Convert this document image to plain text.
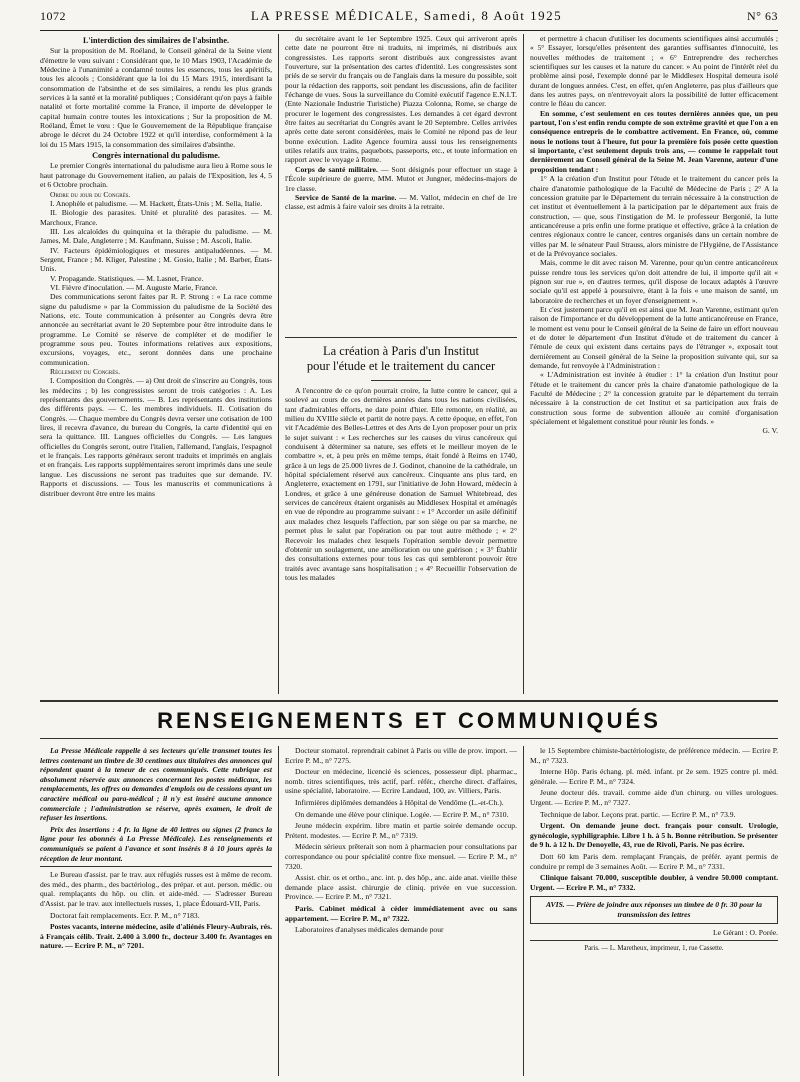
1072	LA PRESSE MÉDICALE, Samedi, 8 Août 1925	N° 63
L'interdiction des similaires de l'absinthe.

Sur la proposition de M. Roéland, le Conseil général de la Seine vient d'émettre le vœu suivant : Considérant que, le 10 Mars 1903, l'Académie de Médecine à l'unanimité a condamné toutes les essences, tous les apéritifs, tous les alcools ; Considérant que la loi du 15 Mars 1915, interdisant la consommation de l'absinthe et de ses similaires, a rendu les plus grands services à la santé et la moralité publiques ; Considérant qu'on pays à faible natalité et forte mortalité comme la France, il importe de développer le capital humain contre toutes les intoxications ; Sur la proposition de M. Roéland, Émet le vœu : Que le Gouvernement de la République française abroge le décret du 24 Octobre 1922 et qu'il interdise, conformément à la loi du 15 Mars 1915, la consommation des similaires d'absinthe.

Congrès international du paludisme.

Le premier Congrès international du paludisme aura lieu à Rome sous le haut patronage du Gouvernement italien, au palais de l'Exposition, les 4, 5 et 6 Octobre prochain.

Ordre du jour du Congrès.

I. Anophèle et paludisme. — M. Hackett, États-Unis ; M. Sella, Italie.

II. Biologie des parasites. Unité et pluralité des parasites. — M. Marchoux, France.

III. Les alcaloïdes du quinquina et la thérapie du paludisme. — M. James, M. Dale, Angleterre ; M. Kaufmann, Suisse ; M. Ascoli, Italie.

IV. Facteurs épidémiologiques et mesures antipaludéennes. — M. Sergent, France ; M. Kliger, Palestine ; M. Gosio, Italie ; M. Barber, États-Unis.

V. Propagande. Statistiques. — M. Lasnet, France.

VI. Fièvre d'inoculation. — M. Auguste Marie, France.

Des communications seront faites par R. P. Strong : « La race comme signe du paludisme » par la Commission du paludisme de la Société des Nations, etc. Toute communication à présenter au Congrès devra être annoncée au secrétariat avant le 20 Septembre pour être introduite dans le programme. Le Comité se réserve de compléter et de modifier le programme sous peu. Toutes informations relatives aux expositions, excursions, voyages, etc., seront données dans une prochaine communication.

Règlement du Congrès.

I. Composition du Congrès. — a) Ont droit de s'inscrire au Congrès, tous les médecins ; b) les congressistes seront de trois catégories : A. Les représentants des gouvernements. — B. Les représentants des institutions des différents pays. — C. les membres individuels. II. Cotisation du Congrès. — Chaque membre du Congrès devra verser une cotisation de 100 lires, il recevra d'avance, du bureau du Congrès, la carte d'identité qui en sera la quittance. III. Langues officielles du Congrès. — Les langues officielles du Congrès seront, outre l'italien, l'allemand, l'anglais, l'espagnol et le français. Les rapports généraux seront traduits et imprimés en anglais et en français. Les rapports supplémentaires seront imprimés dans une seule langue. Les discussions ne seront pas traduites que sur demande. IV. Rapports et discussions. — Tous les manuscrits et communications à distribuer devront être entre les mains

du secrétaire avant le 1er Septembre 1925. Ceux qui arriveront après cette date ne pourront être ni traduits, ni imprimés, ni distribués aux congressistes. Les rapports seront distribués aux congressistes avant l'ouverture, sur la présentation des cartes d'identité. Les congressistes sont priés de se servir du français ou de l'anglais dans la mesure du possible, soit pour la rédaction des rapports, soit pendant les discussions, afin de faciliter l'échange de vues. Sous la surveillance du Comité exécutif l'agence E.N.I.T. (Ente Nazionale Industrie Turistiche) Piazza Colonna, Rome, se charge de procurer le logement des congressistes. Les demandes à cet égard devront être faites au secrétariat du Congrès avant le 20 Septembre. Celles arrivées après cette date seront considérées, mais le Comité ne répond pas de leur bonne exécution. Ladite Agence fournira aussi tous les renseignements utiles relatifs aux trains, paquebots, passeports, etc., et toute information en rapport avec le voyage à Rome.

Corps de santé militaire. — Sont désignés pour effectuer un stage à l'École supérieure de guerre, MM. Mutot et Jungner, médecins-majors de 1re classe.

Service de Santé de la marine. — M. Vallot, médecin en chef de 1re classe, est admis à faire valoir ses droits à la retraite.

La création à Paris d'un Institut
pour l'étude et le traitement du cancer

A l'encontre de ce qu'on pourrait croire, la lutte contre le cancer, qui a soulevé au cours de ces dernières années dans tous les nations civilisées, tant d'admirables efforts, ne date point d'hier. Elle remonte, en réalité, au milieu du XVIIIe siècle et partit de notre pays. A cette époque, en effet, l'on vit l'Académie des Belles-Lettres et des Arts de Lyon proposer pour un prix le sujet suivant : « Les recherches sur les causes du virus cancéreux qui conduisent à déterminer sa nature, ses effets et le meilleur moyen de le combattre », et, à peu près en même temps, était fondé à Reims en 1740, grâce à un legs de 25.000 livres de J. Godinot, chanoine de la cathédrale, un hôpital spécialement réservé aux cancéreux. Cinquante ans plus tard, en Angleterre, exactement en 1791, sur l'initiative de John Howard, médecin à Londres, et grâce à une généreuse donation de Samuel Whitebread, des services de cancéreux étaient organisés au Middlesex Hospital et aménagés en vue de répondre au programme suivant : « 1° Accorder un asile définitif aux malades chez lesquels l'affection, par son siège ou par sa marche, ne permet plus le salut par l'opération ou par tout autre méthode ; « 2° Recevoir les malades chez lesquels l'opération semble devoir permettre d'obtenir un soulagement, une amélioration ou une guérison ; « 3° Établir des consultations externes pour tous les cas qui sembleront pouvoir être traités avec avantage sans hospitalisation ; « 4° Recueillir l'observation de tous les malades

et permettre à chacun d'utiliser les documents scientifiques ainsi accumulés ; « 5° Essayer, lorsqu'elles présentent des garanties suffisantes d'innocuité, les nouvelles méthodes de traitement ; « 6° Entreprendre des recherches scientifiques sur les causes et la nature du cancer. » Au point de l'intérêt réel du problème ainsi posé, l'exemple donné par le Middlesex Hospital demeura isolé durant de longues années. C'est, en effet, qu'en Angleterre, pas plus d'ailleurs que dans les autres pays, on n'entrevoyait alors la possibilité de lutter efficacement contre le fléau du cancer.

En somme, c'est seulement en ces toutes dernières années que, un peu partout, l'on s'est enfin rendu compte de son extrême gravité et que l'on a en conséquence entrepris de le combattre activement. En France, où, comme nous le notions tout à l'heure, fut pour la première fois posée cette question si importante, c'est seulement depuis trois ans, — comme le rappelait tout dernièrement au Conseil général de la Seine M. Jean Varenne, auteur d'une proposition tendant :

1° A la création d'un Institut pour l'étude et le traitement du cancer près la chaire d'anatomie pathologique de la Faculté de Médecine de Paris ; 2° A la concession gratuite par le Département du terrain nécessaire à la construction de cet institut et éventuellement à la participation par le département aux frais de construction, — que, sous l'instigation de M. le professeur Bergonié, la lutte anticancéreuse a pris enfin une forme pratique et effective, grâce à la création de centres régionaux contre le cancer, centres organisés dans un certain nombre de villes par M. le sénateur Paul Strauss, alors ministre de l'Hygiène, de l'Assistance et de la Prévoyance sociales.

Mais, comme le dit avec raison M. Varenne, pour qu'un centre anticancéreux puisse rendre tous les services qu'on doit attendre de lui, il importe qu'il ait « pignon sur rue », en d'autres termes, qu'il dispose de locaux adaptés à l'œuvre sociale qu'il est appelé à poursuivre, étant à la fois « une maison de santé, un laboratoire de recherches et un foyer d'enseignement ».

Et c'est justement parce qu'il en est ainsi que M. Jean Varenne, estimant qu'en raison de l'importance et du développement de la lutte anticancéreuse en France, le moment est venu pour le Conseil général de la Seine de faire un effort nouveau et de doter le département d'un Institut d'étude et de traitement du cancer à l'émule de ceux qui existent dans certains pays de l'étranger », exposait tout dernièrement au Conseil général de la Seine la proposition suivante qui, sur sa demande, fut renvoyée à l'Administration :

« L'Administration est invitée à étudier : 1° la création d'un Institut pour l'étude et le traitement du cancer près la chaire d'anatomie pathologique de la Faculté de Médecine ; 2° la concession gratuite par le département du terrain nécessaire à la construction de cet Institut et sa participation aux frais de construction sous forme de subvention allouée au comité d'organisation spécialement et légalement constitué pour réunir les fonds. »

G. V.

RENSEIGNEMENTS ET COMMUNIQUÉS

La Presse Médicale rappelle à ses lecteurs qu'elle transmet toutes les lettres contenant un timbre de 30 centimes aux titulaires des annonces qui répondent quant à la teneur de ces communiqués. Cette rubrique est absolument réservée aux annonces concernant les postes médicaux, les remplacements, les offres ou demandes d'emplois ou de cessions ayant un caractère médical ou para-médical ; il n'y est inséré aucune annonce commerciale ; l'administration se réserve, après examen, le droit de refuser les insertions.

Prix des insertions : 4 fr. la ligne de 40 lettres ou signes (2 francs la ligne pour les abonnés à La Presse Médicale). Les renseignements et communiqués se paient à l'avance et sont insérés 8 à 10 jours après la réception de leur montant.

Le Bureau d'assist. par le trav. aux réfugiés russes est à même de recom. des méd., des pharm., des bactériolog., des prépar. et aut. person. médic. ou qual. remplaçants du hôp. ou clin. et aide-méd. — S'adresser Bureau d'Assist. par le trav. aux intellectuels russes, 1, place Édouard-VII, Paris.

Doctorat fait remplacements. Ecr. P. M., n° 7183.

Postes vacants, interne médecine, asile d'aliénés Fleury-Aubrais, rés. à Français célib. Trait. 2.400 à 3.000 fr., docteur 3.400 fr. Avantages en nature. — Ecrire P. M., n° 7201.

Docteur stomatol. reprendrait cabinet à Paris ou ville de prov. import. — Ecrire P. M., n° 7275.

Docteur en médecine, licencié ès sciences, possesseur dipl. pharmac., nomb. titres scientifiques, très actif, parf. référ., cherche direct. d'affaires, usine spécialité, laboratoire. — Ecrire Landaud, 100, av. Villiers, Paris.

Infirmières diplômées demandées à Hôpital de Vendôme (L.-et-Ch.).

On demande une élève pour clinique. Logée. — Ecrire P. M., n° 7310.

Jeune médecin expérim. libre matin et partie soirée demande occup. Prétent. modestes. — Ecrire P. M., n° 7319.

Médecin sérieux prêterait son nom à pharmacien pour consultations par correspondance ou pour spécialité contre fixe mensuel. — Ecrire P. M., n° 7320.

Assist. chir. os et ortho., anc. int. p. des hôp., anc. aide anat. vieille thèse demande place assist. chirurgie de cliniq. privée en vue succession. Province. — Ecrire P. M., n° 7321.

Paris. Cabinet médical à céder immédiatement avec ou sans appartement. — Ecrire P. M., n° 7322.

Laboratoires d'analyses médicales demande pour

le 15 Septembre chimiste-bactériologiste, de préférence médecin. — Ecrire P. M., n° 7323.

Interne Hôp. Paris échang. pl. méd. infant. pr 2e sem. 1925 contre pl. méd. générale. — Ecrire P. M., n° 7324.

Jeune docteur dés. travail. comme aide d'un chirurg. ou villes urologues. Urgent. — Ecrire P. M., n° 7327.

Technique de labor. Leçons prat. partic. — Ecrire P. M., n° 73.9.

Urgent. On demande jeune doct. français pour consult. Urologie, gynécologie, syphiligraphie. Libre 1 h. à 5 h. Bonne rétribution. Se présenter de 9 h. à 12 h. Dr Denoyelle, 43, rue de Rivoli, Paris. Ne pas écrire.

Dott 60 km Paris dem. remplaçant Français, de préfér. ayant permis de conduire pr rempl de 3 semaines Août. — Ecrire P. M., n° 7331.

Clinique faisant 70.000, susceptible doubler, à vendre 50.000 comptant. Urgent. — Ecrire P. M., n° 7332.

AVIS. — Prière de joindre aux réponses un timbre de 0 fr. 30 pour la transmission des lettres
Le Gérant : O. Porée.
Paris. — L. Maretheux, imprimeur, 1, rue Cassette.
